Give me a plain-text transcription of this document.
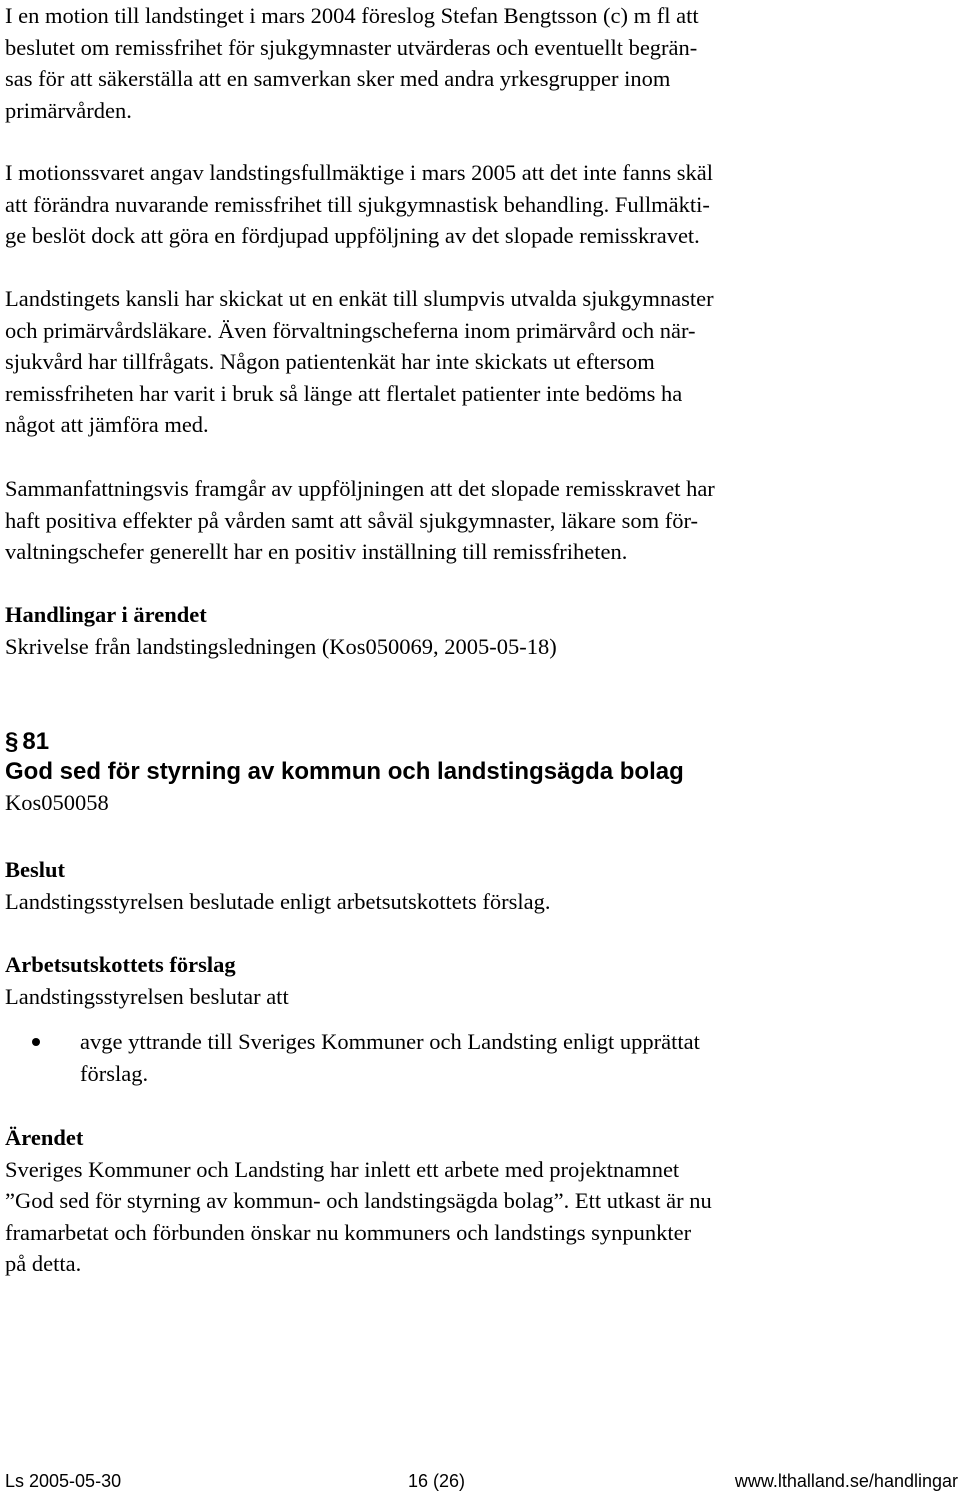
I en motion till landstinget i mars 2004 föreslog Stefan Bengtsson (c) m fl att
beslutet om remissfrihet för sjukgymnaster utvärderas och eventuellt begrän-
sas för att säkerställa att en samverkan sker med andra yrkesgrupper inom
primärvården.
I motionssvaret angav landstingsfullmäktige i mars 2005 att det inte fanns skäl
att förändra nuvarande remissfrihet till sjukgymnastisk behandling. Fullmäkti-
ge beslöt dock att göra en fördjupad uppföljning av det slopade remisskravet.
Landstingets kansli har skickat ut en enkät till slumpvis utvalda sjukgymnaster
och primärvårdsläkare. Även förvaltningscheferna inom primärvård och när-
sjukvård har tillfrågats. Någon patientenkät har inte skickats ut eftersom
remissfriheten har varit i bruk så länge att flertalet patienter inte bedöms ha
något att jämföra med.
Sammanfattningsvis framgår av uppföljningen att det slopade remisskravet har
haft positiva effekter på vården samt att såväl sjukgymnaster, läkare som för-
valtningschefer generellt har en positiv inställning till remissfriheten.
Handlingar i ärendet
Skrivelse från landstingsledningen (Kos050069, 2005-05-18)
§ 81
God sed för styrning av kommun och landstingsägda bolag
Kos050058
Beslut
Landstingsstyrelsen beslutade enligt arbetsutskottets förslag.
Arbetsutskottets förslag
Landstingsstyrelsen beslutar att
avge yttrande till Sveriges Kommuner och Landsting enligt upprättat
förslag.
Ärendet
Sveriges Kommuner och Landsting har inlett ett arbete med projektnamnet
”God sed för styrning av kommun- och landstingsägda bolag”. Ett utkast är nu
framarbetat och förbunden önskar nu kommuners och landstings synpunkter
på detta.
Ls 2005-05-30	16 (26)	www.lthalland.se/handlingar
